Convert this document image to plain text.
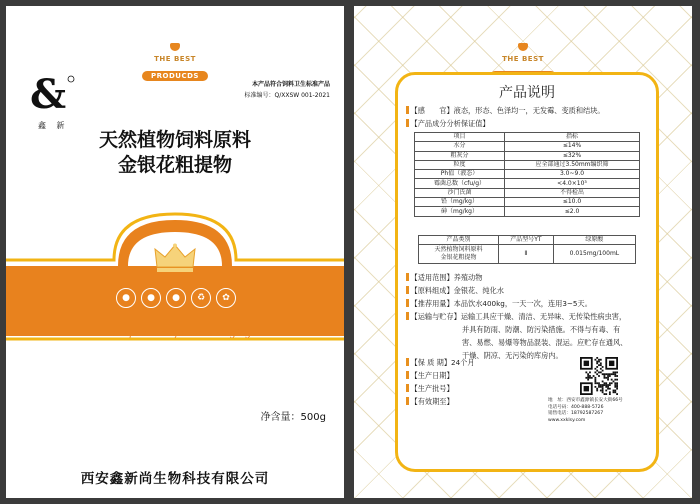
THE BEST
PRODUCDS
&
鑫 新
本产品符合饲料卫生标准产品
标准编号：Q/XXSW 001-2021
天然植物饲料原料
金银花粗提物
●	●	●	♻	✿
Free space comfortable singing
净含量：500g
西安鑫新尚生物科技有限公司
THE BEST
产品说明
【感　　官】液态，形态、色泽均一，无发霉、变质和结块。
【产品成分分析保证值】
项目	指标
水分	≤14%
粗灰分	≤32%
粒度	应全部通过3.50mm编织筛
Ph值（液态）	3.0~9.0
霉菌总数（cfu/g）	<4.0×10³
沙门氏菌	不得检出
铅（mg/kg）	≤10.0
砷（mg/kg）	≤2.0
产品类别	产品型号YT	绿原酸
天然植物饲料原料
金银花粗提物	Ⅱ	0.015mg/100mL
【适用范围】养殖动物
【原料组成】金银花、纯化水
【推荐用量】本品饮水400kg，一天一次，连用3~5天。
【运输与贮存】运输工具应干燥、清洁、无异味、无传染性病虫害，
并具有防雨、防潮、防污染措施。不得与有毒、有
害、易燃、易爆等物品混装、混运。应贮存在通风、
干燥、阴凉、无污染的库房内。
【保 质 期】24个月
【生产日期】
【生产批号】
【有效期至】	地　址：西安市鑫源镇长安大街66号
电话号码：400-888-5726
销售电话：18792587267
www.xxklsy.com
